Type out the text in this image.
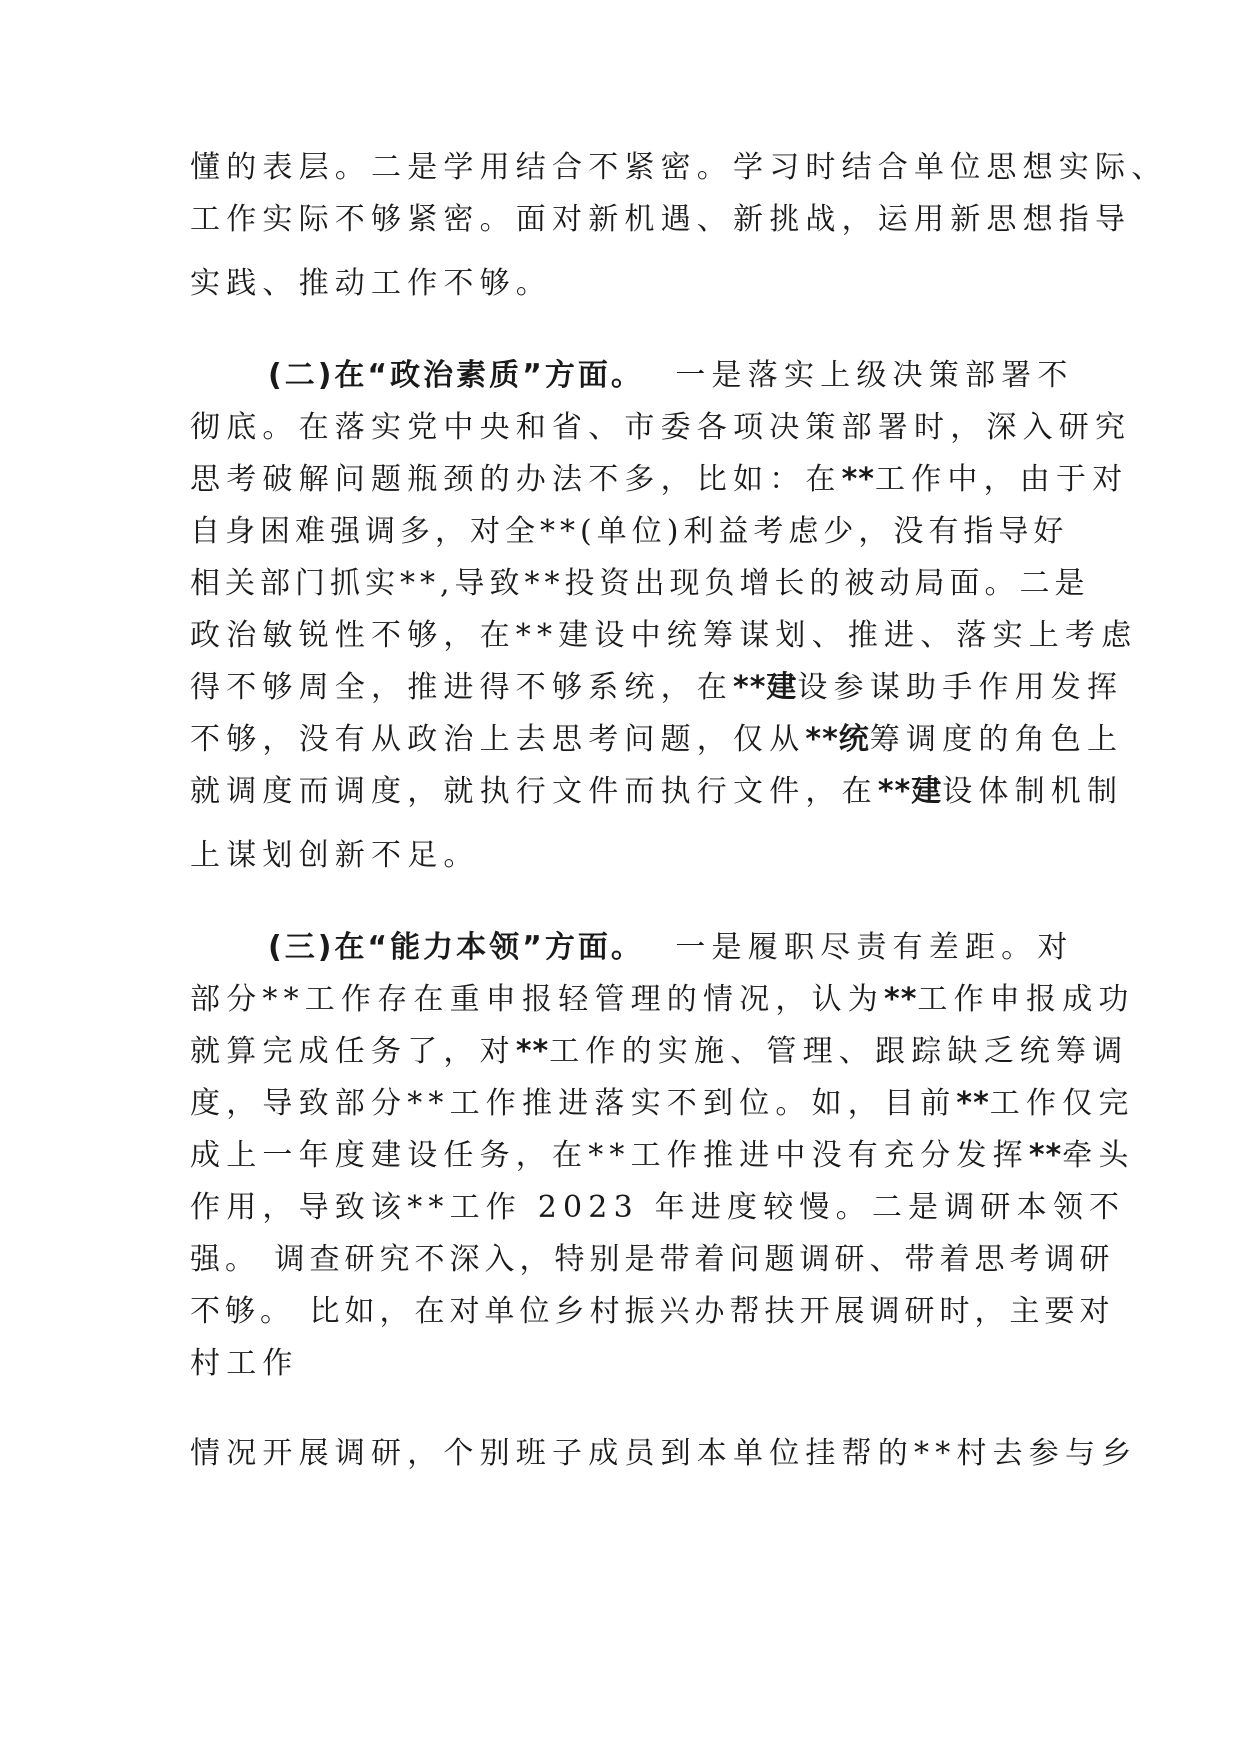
懂的表层。二是学用结合不紧密。学习时结合单位思想实际、
工作实际不够紧密。面对新机遇、新挑战，运用新思想指导
实践、推动工作不够。
(二)在“政治素质”方面。 一是落实上级决策部署不
彻底。在落实党中央和省、市委各项决策部署时，深入研究
思考破解问题瓶颈的办法不多，比如：在**工作中，由于对
自身困难强调多，对全**(单位)利益考虑少，没有指导好
相关部门抓实**,导致**投资出现负增长的被动局面。二是
政治敏锐性不够，在**建设中统筹谋划、推进、落实上考虑
得不够周全，推进得不够系统，在**建设参谋助手作用发挥
不够，没有从政治上去思考问题，仅从**统筹调度的角色上
就调度而调度，就执行文件而执行文件，在**建设体制机制
上谋划创新不足。
(三)在“能力本领”方面。 一是履职尽责有差距。对
部分**工作存在重申报轻管理的情况，认为**工作申报成功
就算完成任务了，对**工作的实施、管理、跟踪缺乏统筹调
度，导致部分**工作推进落实不到位。如，目前**工作仅完
成上一年度建设任务，在**工作推进中没有充分发挥**牵头
作用，导致该**工作 2023 年进度较慢。二是调研本领不
强。 调查研究不深入，特别是带着问题调研、带着思考调研
不够。 比如，在对单位乡村振兴办帮扶开展调研时，主要对
村工作
情况开展调研，个别班子成员到本单位挂帮的**村去参与乡
